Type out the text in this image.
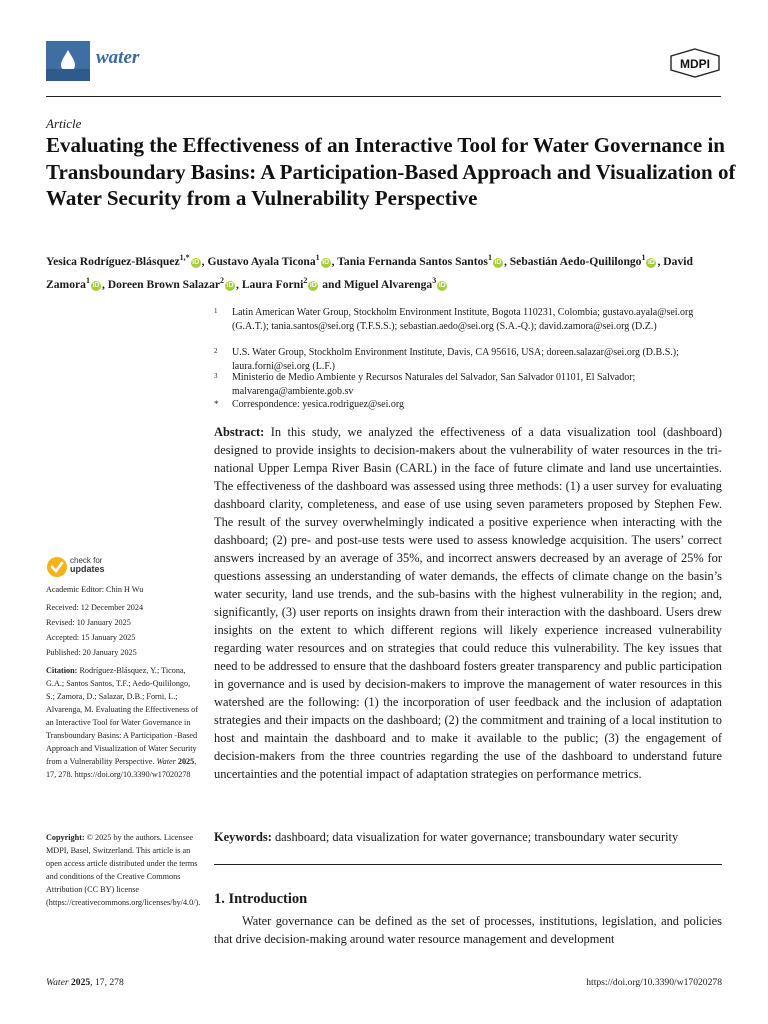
water	MDPI
Article
Evaluating the Effectiveness of an Interactive Tool for Water Governance in Transboundary Basins: A Participation-Based Approach and Visualization of Water Security from a Vulnerability Perspective
Yesica Rodríguez-Blásquez$^{1,*}$iD , Gustavo Ayala Ticona$^1$iD , Tania Fernanda Santos Santos$^1$iD , Sebastián Aedo-Quililongo$^1$iD , David Zamora$^1$iD , Doreen Brown Salazar$^2$iD , Laura Forni$^2$iD and Miguel Alvarenga$^3$iD
1 Latin American Water Group, Stockholm Environment Institute, Bogota 110231, Colombia; gustavo.ayala@sei.org (G.A.T.); tania.santos@sei.org (T.F.S.S.); sebastian.aedo@sei.org (S.A.-Q.); david.zamora@sei.org (D.Z.)
2 U.S. Water Group, Stockholm Environment Institute, Davis, CA 95616, USA; doreen.salazar@sei.org (D.B.S.); laura.forni@sei.org (L.F.)
3 Ministerio de Medio Ambiente y Recursos Naturales del Salvador, San Salvador 01101, El Salvador; malvarenga@ambiente.gob.sv
* Correspondence: yesica.rodriguez@sei.org

Abstract: In this study, we analyzed the effectiveness of a data visualization tool (dashboard) designed to provide insights to decision-makers about the vulnerability of water resources in the tri-national Upper Lempa River Basin (CARL) in the face of future climate and land use uncertainties. The effectiveness of the dashboard was assessed using three methods: (1) a user survey for evaluating dashboard clarity, completeness, and ease of use using seven parameters proposed by Stephen Few. The result of the survey overwhelmingly indicated a positive experience when interacting with the dashboard; (2) pre- and post-use tests were used to assess knowledge acquisition. The users’ correct answers increased by an average of 35%, and incorrect answers decreased by an average of 25% for questions assessing an understanding of water demands, the effects of climate change on the basin’s water security, land use trends, and the sub-basins with the highest vulnerability in the region; and, significantly, (3) user reports on insights drawn from their interaction with the dashboard. Users drew insights on the extent to which different regions will likely experience increased vulnerability regarding water resources and on strategies that could reduce this vulnerability. The key issues that need to be addressed to ensure that the dashboard fosters greater transparency and public participation in governance and is used by decision-makers to improve the management of water resources in this watershed are the following: (1) the incorporation of user feedback and the inclusion of adaptation strategies and their impacts on the dashboard; (2) the commitment and training of a local institution to host and maintain the dashboard and to make it available to the public; (3) the engagement of decision-makers from the three countries regarding the use of the dashboard to understand future uncertainties and the potential impact of adaptation strategies on performance metrics.

Keywords: dashboard; data visualization for water governance; transboundary water security
1. Introduction

Water governance can be defined as the set of processes, institutions, legislation, and policies that drive decision-making around water resource management and development

check for
updates
Academic Editor: Chin H Wu
Received: 12 December 2024
Revised: 10 January 2025
Accepted: 15 January 2025
Published: 20 January 2025
Citation: Rodríguez-Blásquez, Y.; Ticona, G.A.; Santos Santos, T.F.; Aedo-Quililongo, S.; Zamora, D.; Salazar, D.B.; Forni, L.; Alvarenga, M. Evaluating the Effectiveness of an Interactive Tool for Water Governance in Transboundary Basins: A Participation -Based Approach and Visualization of Water Security from a Vulnerability Perspective. Water 2025, 17, 278. https://doi.org/10.3390/w17020278
Copyright: © 2025 by the authors. Licensee MDPI, Basel, Switzerland. This article is an open access article distributed under the terms and conditions of the Creative Commons Attribution (CC BY) license (https://creativecommons.org/licenses/by/4.0/).
Water 2025, 17, 278	https://doi.org/10.3390/w17020278
